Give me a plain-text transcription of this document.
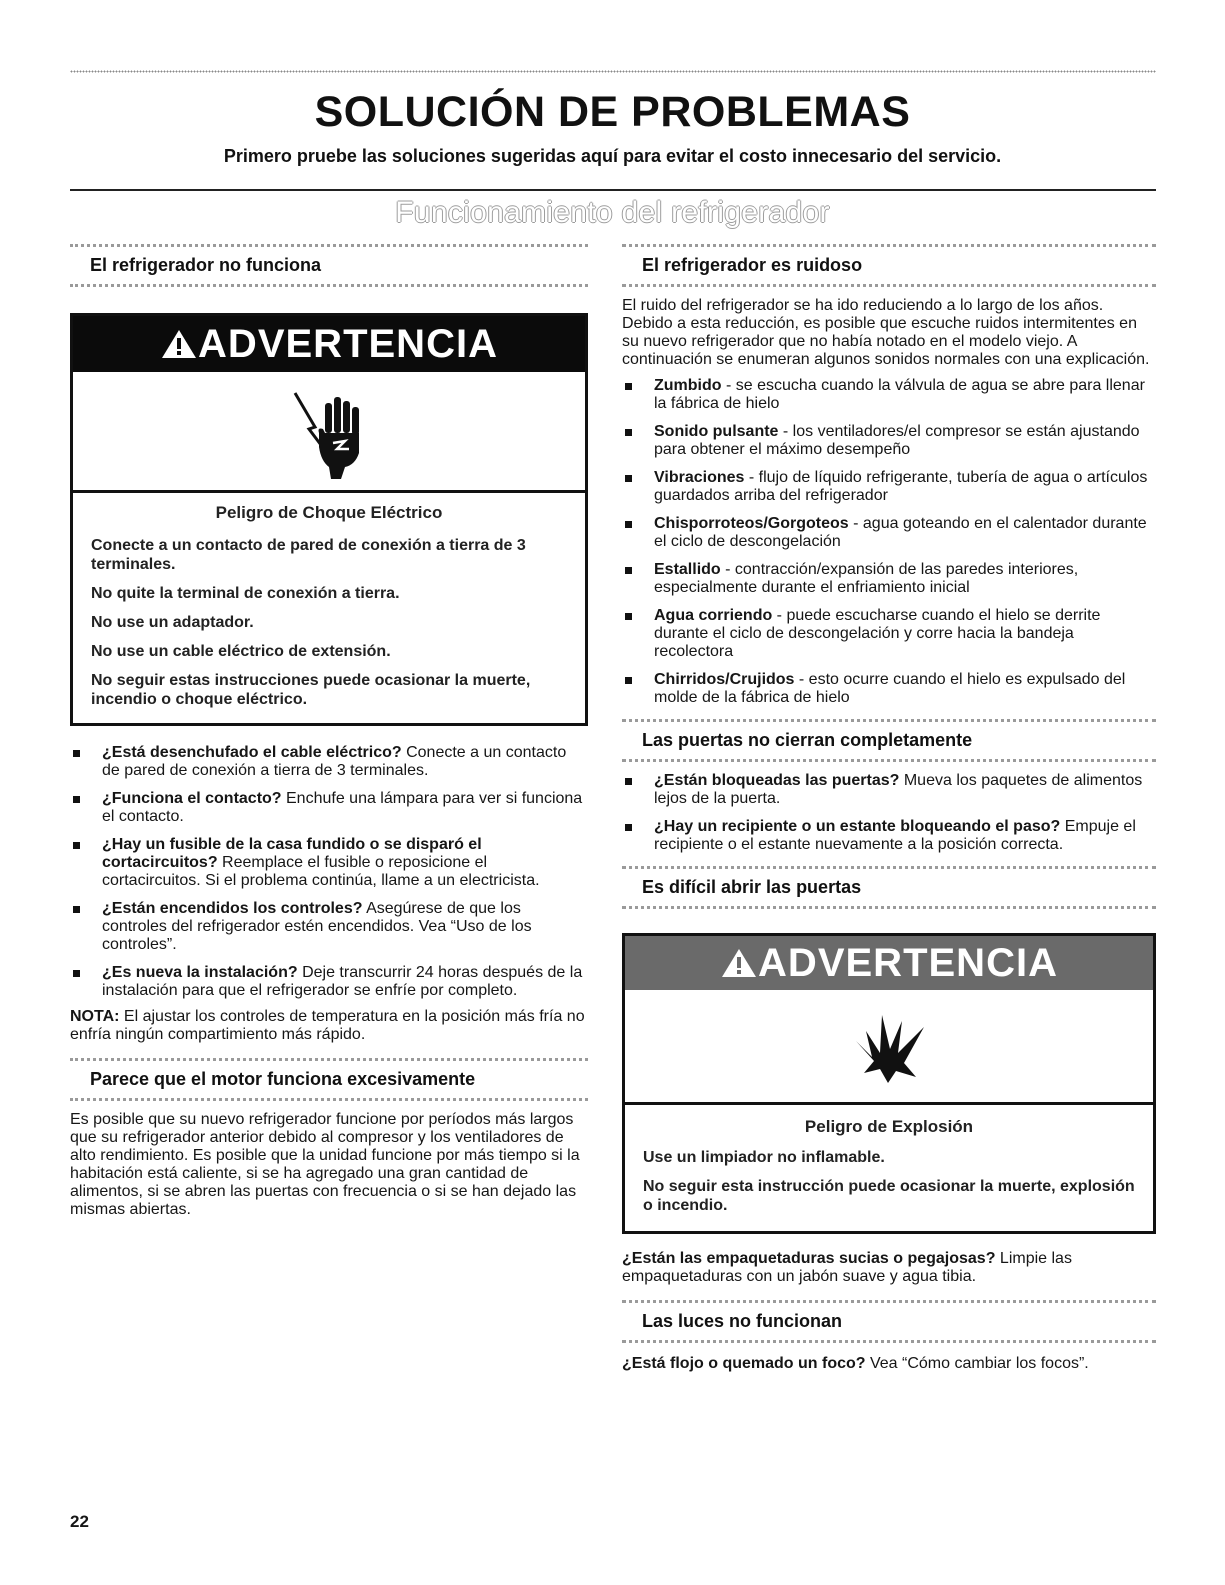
SOLUCIÓN DE PROBLEMAS

Primero pruebe las soluciones sugeridas aquí para evitar el costo innecesario del servicio.

Funcionamiento del refrigerador

El refrigerador no funciona
ADVERTENCIA

Peligro de Choque Eléctrico

Conecte a un contacto de pared de conexión a tierra de 3 terminales.

No quite la terminal de conexión a tierra.

No use un adaptador.

No use un cable eléctrico de extensión.

No seguir estas instrucciones puede ocasionar la muerte, incendio o choque eléctrico.

¿Está desenchufado el cable eléctrico? Conecte a un contacto de pared de conexión a tierra de 3 terminales.
¿Funciona el contacto? Enchufe una lámpara para ver si funciona el contacto.
¿Hay un fusible de la casa fundido o se disparó el cortacircuitos? Reemplace el fusible o reposicione el cortacircuitos. Si el problema continúa, llame a un electricista.
¿Están encendidos los controles? Asegúrese de que los controles del refrigerador estén encendidos. Vea “Uso de los controles”.
¿Es nueva la instalación? Deje transcurrir 24 horas después de la instalación para que el refrigerador se enfríe por completo.

NOTA: El ajustar los controles de temperatura en la posición más fría no enfría ningún compartimiento más rápido.

Parece que el motor funciona excesivamente

Es posible que su nuevo refrigerador funcione por períodos más largos que su refrigerador anterior debido al compresor y los ventiladores de alto rendimiento. Es posible que la unidad funcione por más tiempo si la habitación está caliente, si se ha agregado una gran cantidad de alimentos, si se abren las puertas con frecuencia o si se han dejado las mismas abiertas.

El refrigerador es ruidoso

El ruido del refrigerador se ha ido reduciendo a lo largo de los años. Debido a esta reducción, es posible que escuche ruidos intermitentes en su nuevo refrigerador que no había notado en el modelo viejo. A continuación se enumeran algunos sonidos normales con una explicación.

Zumbido - se escucha cuando la válvula de agua se abre para llenar la fábrica de hielo
Sonido pulsante - los ventiladores/el compresor se están ajustando para obtener el máximo desempeño
Vibraciones - flujo de líquido refrigerante, tubería de agua o artículos guardados arriba del refrigerador
Chisporroteos/Gorgoteos - agua goteando en el calentador durante el ciclo de descongelación
Estallido - contracción/expansión de las paredes interiores, especialmente durante el enfriamiento inicial
Agua corriendo - puede escucharse cuando el hielo se derrite durante el ciclo de descongelación y corre hacia la bandeja recolectora
Chirridos/Crujidos - esto ocurre cuando el hielo es expulsado del molde de la fábrica de hielo
Las puertas no cierran completamente
¿Están bloqueadas las puertas? Mueva los paquetes de alimentos lejos de la puerta.
¿Hay un recipiente o un estante bloqueando el paso? Empuje el recipiente o el estante nuevamente a la posición correcta.
Es difícil abrir las puertas
ADVERTENCIA

Peligro de Explosión

Use un limpiador no inflamable.

No seguir esta instrucción puede ocasionar la muerte, explosión o incendio.

¿Están las empaquetaduras sucias o pegajosas? Limpie las empaquetaduras con un jabón suave y agua tibia.

Las luces no funcionan

¿Está flojo o quemado un foco? Vea “Cómo cambiar los focos”.

22
